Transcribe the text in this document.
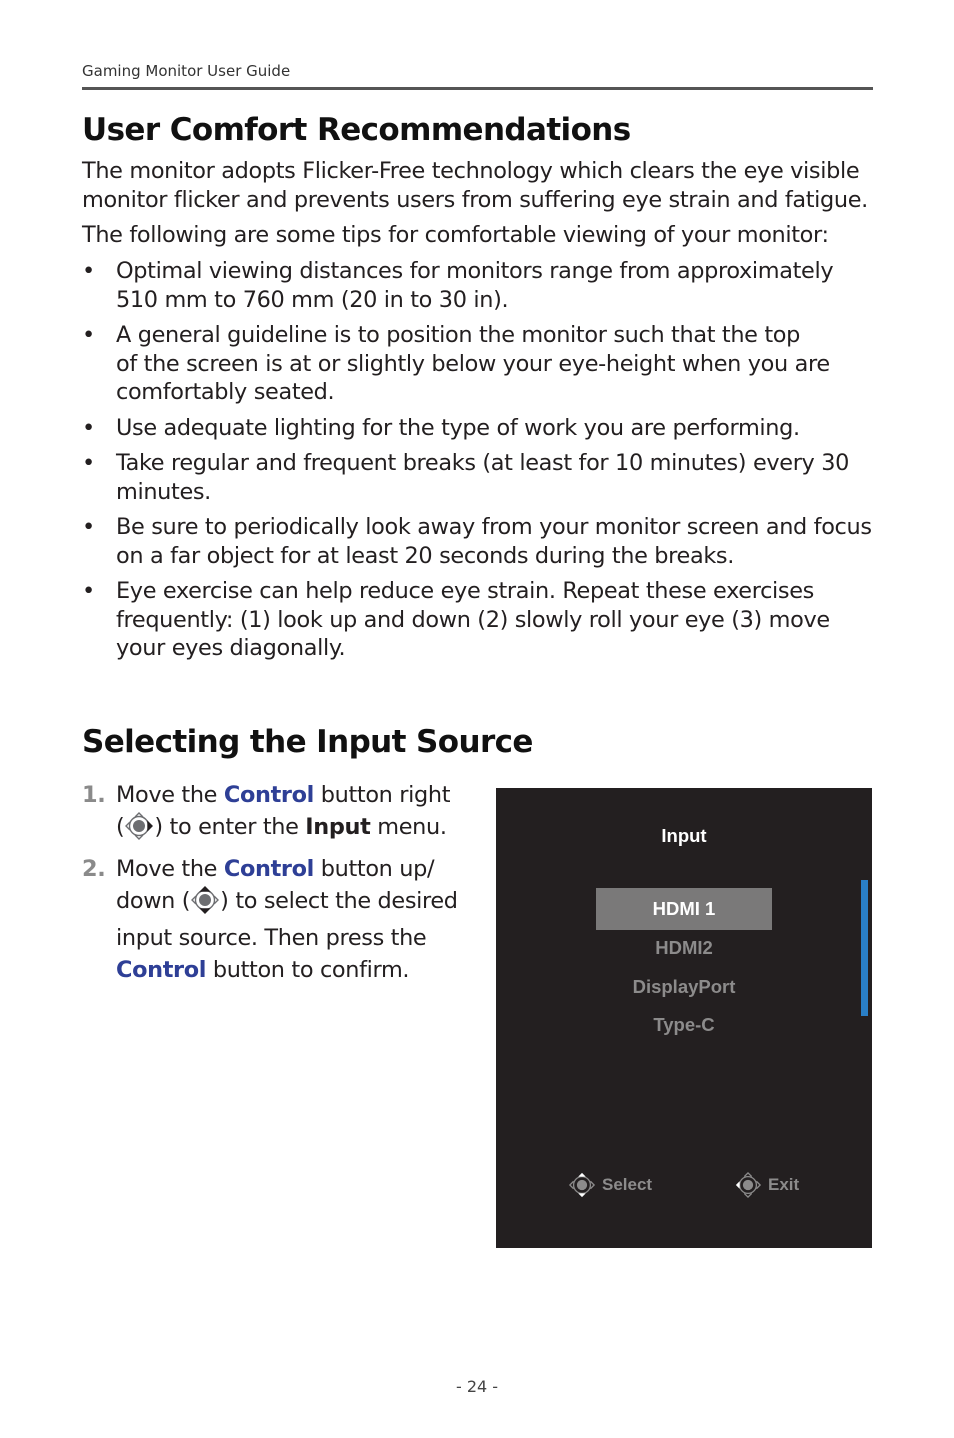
Gaming Monitor User Guide
User Comfort Recommendations

The monitor adopts Flicker-Free technology which clears the eye visible
monitor flicker and prevents users from suffering eye strain and fatigue.

The following are some tips for comfortable viewing of your monitor:

• Optimal viewing distances for monitors range from approximately
510 mm to 760 mm (20 in to 30 in).
• A general guideline is to position the monitor such that the top
of the screen is at or slightly below your eye-height when you are
comfortably seated.
• Use adequate lighting for the type of work you are performing.
• Take regular and frequent breaks (at least for 10 minutes) every 30
minutes.
• Be sure to periodically look away from your monitor screen and focus
on a far object for at least 20 seconds during the breaks.
• Eye exercise can help reduce eye strain. Repeat these exercises
frequently: (1) look up and down (2) slowly roll your eye (3) move
your eyes diagonally.
Selecting the Input Source
1. Move the Control button right
( ) to enter the Input menu.
2. Move the Control button up/
down ( ) to select the desired
input source. Then press the
Control button to confirm.
Input
HDMI 1
HDMI2
DisplayPort
Type-C
Select	Exit
- 24 -
